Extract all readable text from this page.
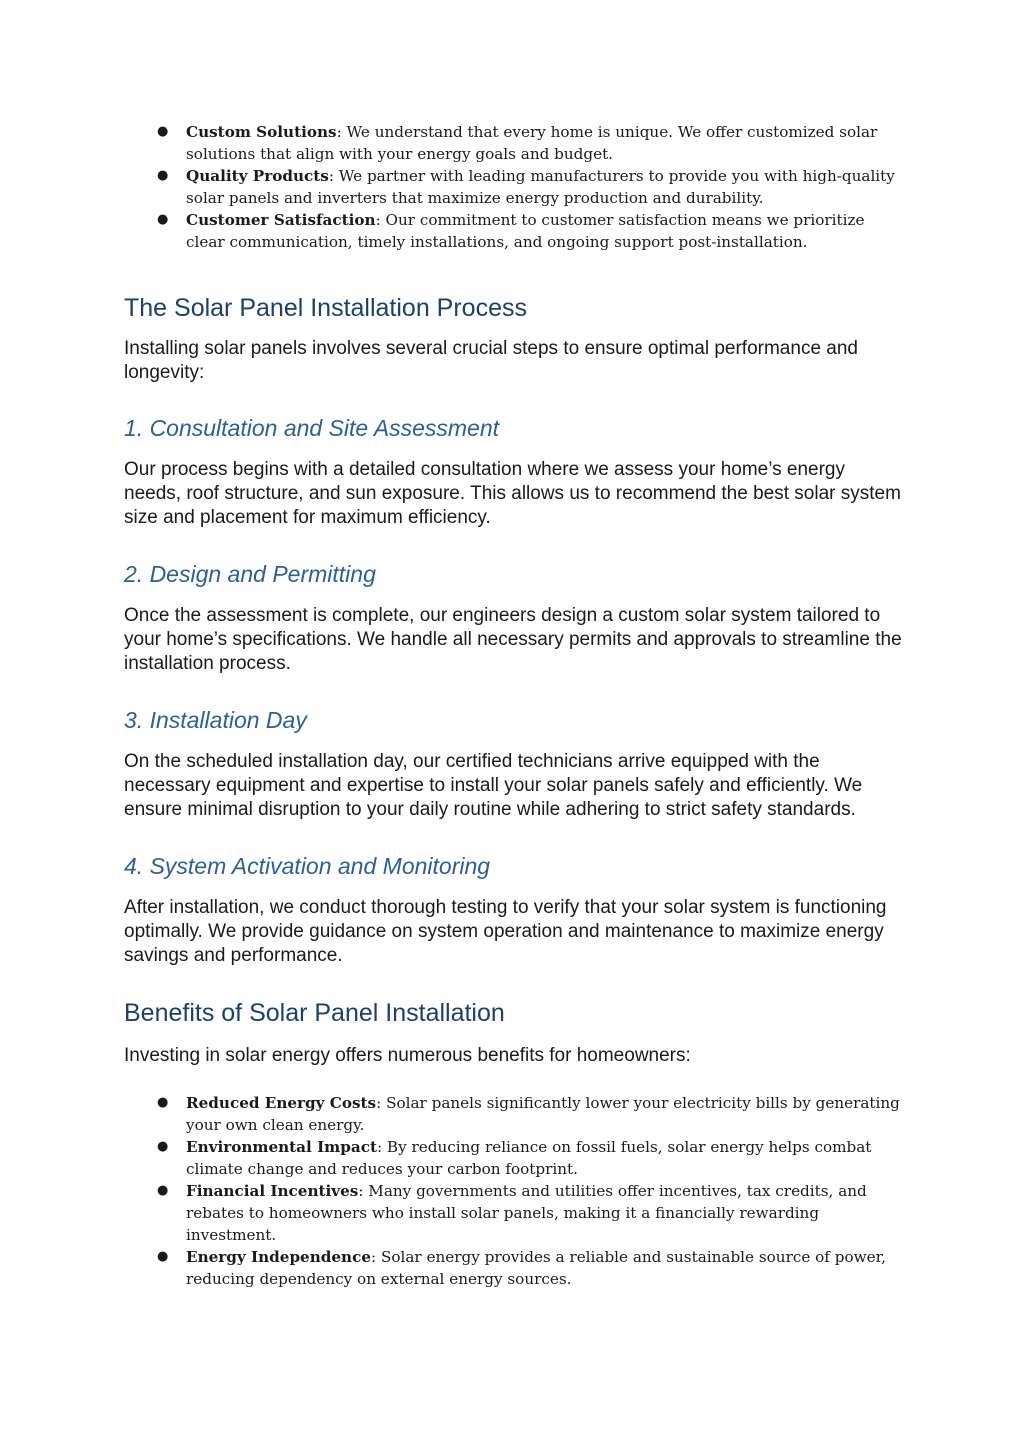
● Custom Solutions: We understand that every home is unique. We offer customized solar solutions that align with your energy goals and budget.
● Quality Products: We partner with leading manufacturers to provide you with high-quality solar panels and inverters that maximize energy production and durability.
● Customer Satisfaction: Our commitment to customer satisfaction means we prioritize clear communication, timely installations, and ongoing support post-installation.
The Solar Panel Installation Process

Installing solar panels involves several crucial steps to ensure optimal performance and longevity:

1. Consultation and Site Assessment

Our process begins with a detailed consultation where we assess your home’s energy needs, roof structure, and sun exposure. This allows us to recommend the best solar system size and placement for maximum efficiency.

2. Design and Permitting

Once the assessment is complete, our engineers design a custom solar system tailored to your home’s specifications. We handle all necessary permits and approvals to streamline the installation process.

3. Installation Day

On the scheduled installation day, our certified technicians arrive equipped with the necessary equipment and expertise to install your solar panels safely and efficiently. We ensure minimal disruption to your daily routine while adhering to strict safety standards.

4. System Activation and Monitoring

After installation, we conduct thorough testing to verify that your solar system is functioning optimally. We provide guidance on system operation and maintenance to maximize energy savings and performance.

Benefits of Solar Panel Installation

Investing in solar energy offers numerous benefits for homeowners:

● Reduced Energy Costs: Solar panels significantly lower your electricity bills by generating your own clean energy.
● Environmental Impact: By reducing reliance on fossil fuels, solar energy helps combat climate change and reduces your carbon footprint.
● Financial Incentives: Many governments and utilities offer incentives, tax credits, and rebates to homeowners who install solar panels, making it a financially rewarding investment.
● Energy Independence: Solar energy provides a reliable and sustainable source of power, reducing dependency on external energy sources.
